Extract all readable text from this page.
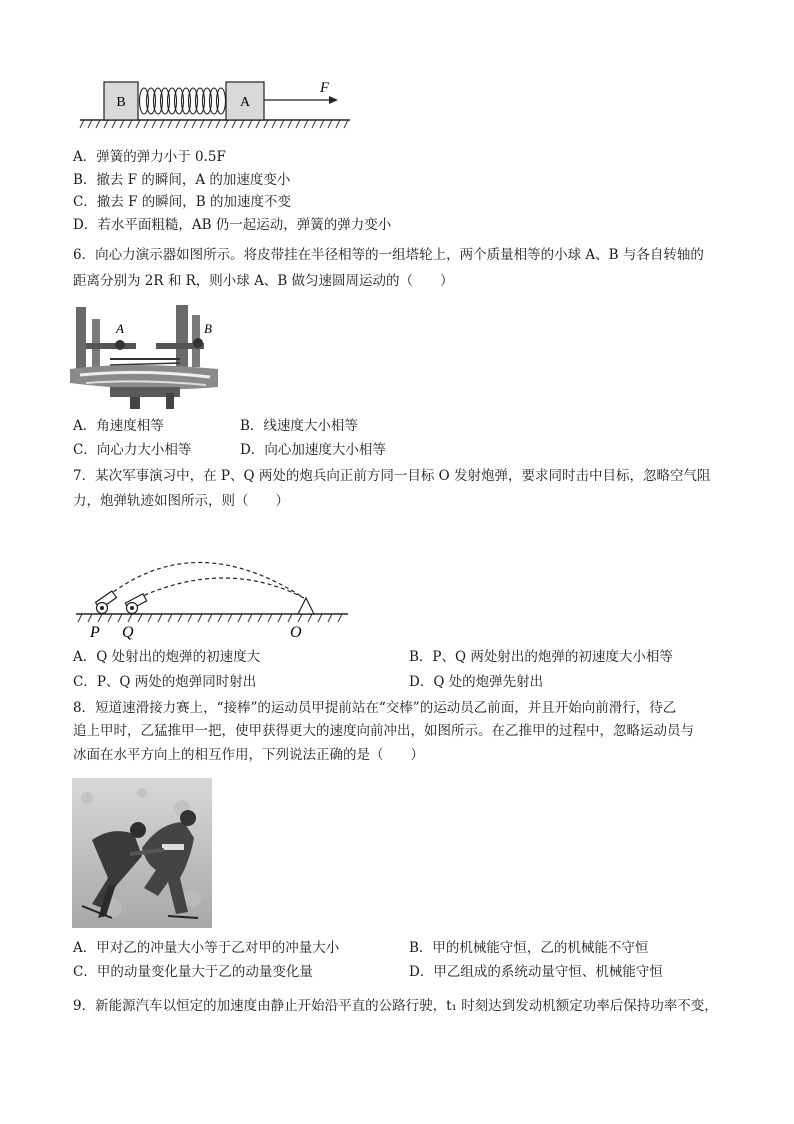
B	A
F
A．弹簧的弹力小于 0.5F
B．撤去 F 的瞬间，A 的加速度变小
C．撤去 F 的瞬间，B 的加速度不变
D．若水平面粗糙，AB 仍一起运动，弹簧的弹力变小
6．向心力演示器如图所示。将皮带挂在半径相等的一组塔轮上，两个质量相等的小球 A、B 与各自转轴的
距离分别为 2R 和 R，则小球 A、B 做匀速圆周运动的（　　）
A	B
A．角速度相等	B．线速度大小相等
C．向心力大小相等	D．向心加速度大小相等
7．某次军事演习中，在 P、Q 两处的炮兵向正前方同一目标 O 发射炮弹，要求同时击中目标，忽略空气阻
力，炮弹轨迹如图所示，则（　　）
P Q	O
A．Q 处射出的炮弹的初速度大	B．P、Q 两处射出的炮弹的初速度大小相等
C．P、Q 两处的炮弹同时射出	D．Q 处的炮弹先射出
8．短道速滑接力赛上，“接棒”的运动员甲提前站在“交棒”的运动员乙前面，并且开始向前滑行，待乙
追上甲时，乙猛推甲一把，使甲获得更大的速度向前冲出，如图所示。在乙推甲的过程中，忽略运动员与
冰面在水平方向上的相互作用，下列说法正确的是（　　）
A．甲对乙的冲量大小等于乙对甲的冲量大小	B．甲的机械能守恒，乙的机械能不守恒
C．甲的动量变化量大于乙的动量变化量	D．甲乙组成的系统动量守恒、机械能守恒
9．新能源汽车以恒定的加速度由静止开始沿平直的公路行驶，t₁ 时刻达到发动机额定功率后保持功率不变，
